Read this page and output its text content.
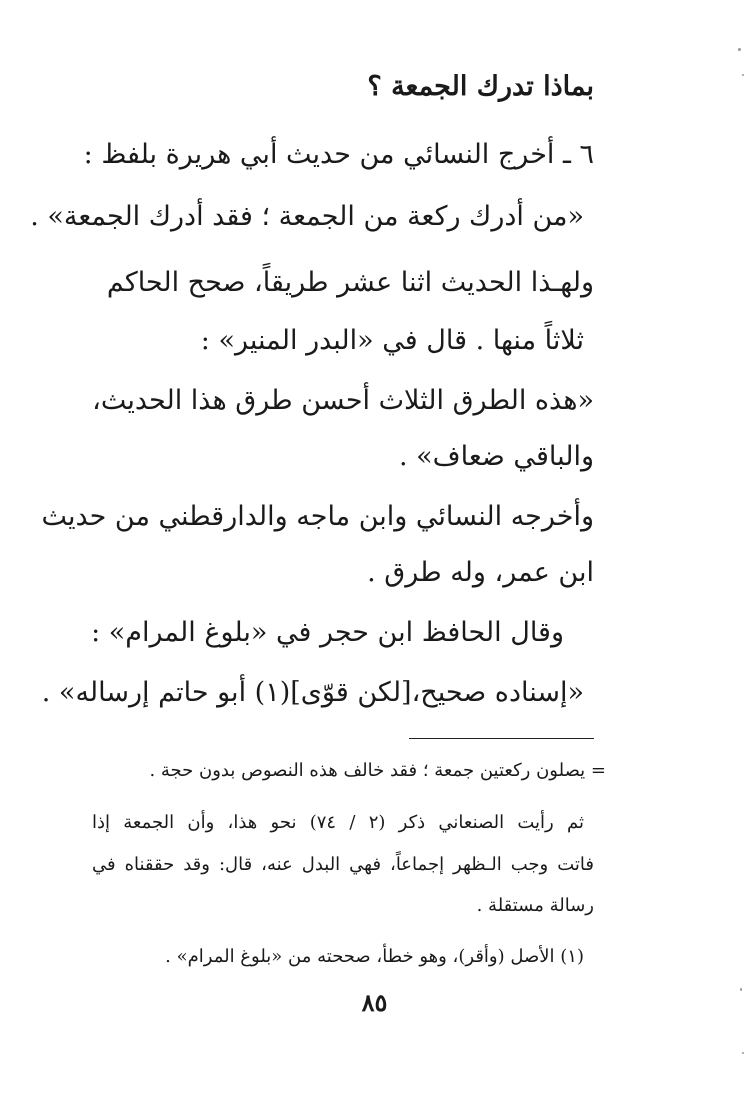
بماذا تدرك الجمعة ؟
٦ ـ أخرج النسائي من حديث أبي هريرة بلفظ :
«من أدرك ركعة من الجمعة ؛ فقد أدرك الجمعة» .
ولهـذا الحديث اثنا عشر طريقاً، صحح الحاكم
ثلاثاً منها . قال في «البدر المنير» :
«هذه الطرق الثلاث أحسن طرق هذا الحديث،
والباقي ضعاف» .
وأخرجه النسائي وابن ماجه والدارقطني من حديث
ابن عمر، وله طرق .
وقال الحافظ ابن حجر في «بلوغ المرام» :
«إسناده صحيح،[لكن قوّى](١) أبو حاتم إرساله» .
= يصلون ركعتين جمعة ؛ فقد خالف هذه النصوص بدون حجة .
ثم رأيت الصنعاني ذكر (٢ / ٧٤) نحو هذا، وأن الجمعة إذا
فاتت وجب الـظهر إجماعاً، فهي البدل عنه، قال: وقد حققناه في
رسالة مستقلة .
(١) الأصل (وأقر)، وهو خطأ، صححته من «بلوغ المرام» .
٨٥
